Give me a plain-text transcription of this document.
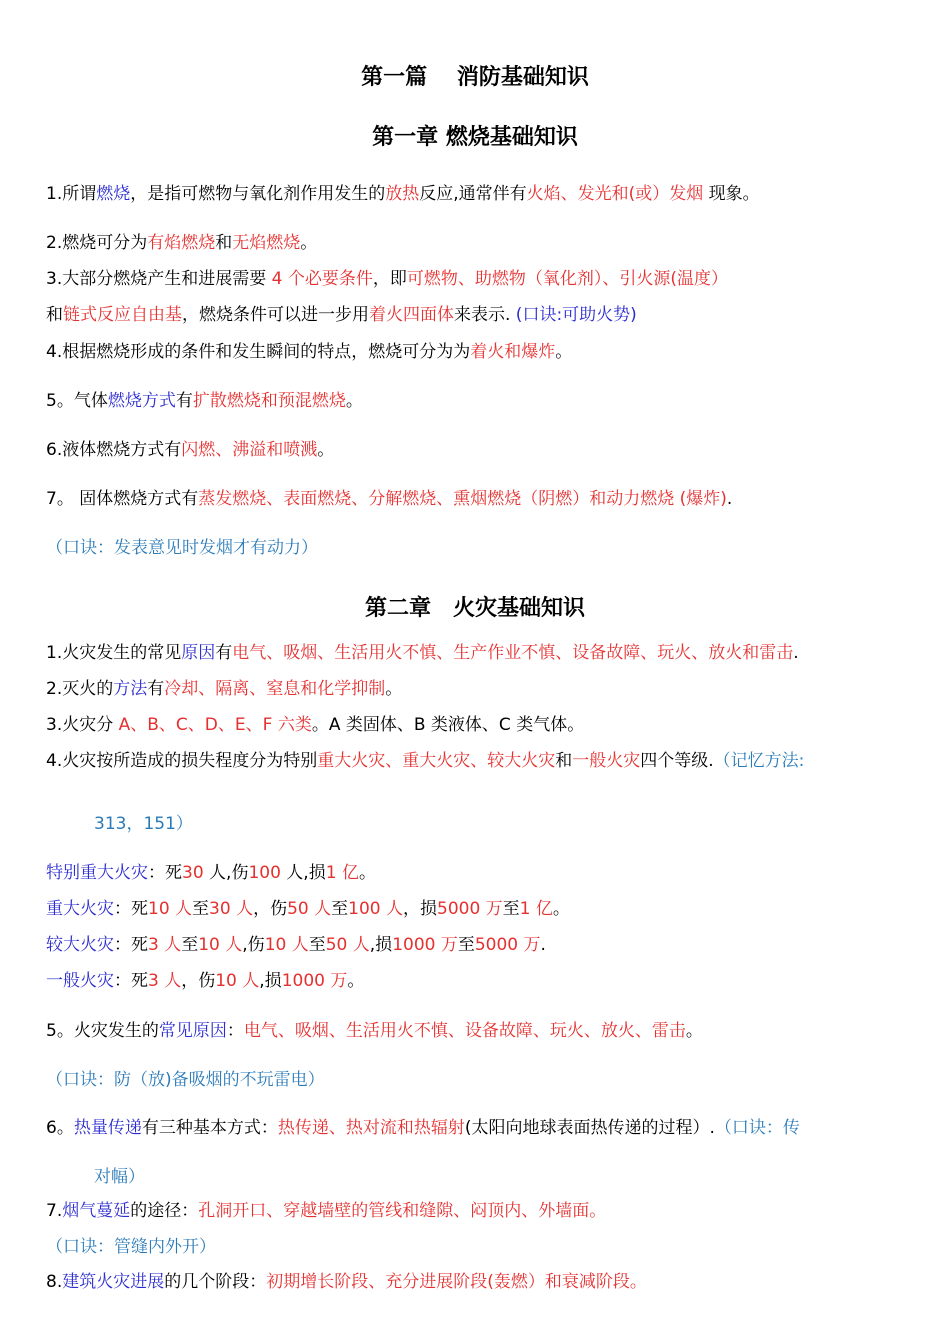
第一篇　 消防基础知识
第一章 燃烧基础知识
1.所谓燃烧，是指可燃物与氧化剂作用发生的放热反应,通常伴有火焰、发光和(或）发烟 现象。
2.燃烧可分为有焰燃烧和无焰燃烧。
3.大部分燃烧产生和进展需要 4 个必要条件，即可燃物、助燃物（氧化剂）、引火源(温度）
和链式反应自由基，燃烧条件可以进一步用着火四面体来表示. (口诀:可助火势)
4.根据燃烧形成的条件和发生瞬间的特点，燃烧可分为为着火和爆炸。
5。气体燃烧方式有扩散燃烧和预混燃烧。
6.液体燃烧方式有闪燃、沸溢和喷溅。
7。 固体燃烧方式有蒸发燃烧、表面燃烧、分解燃烧、熏烟燃烧（阴燃）和动力燃烧 (爆炸).
（口诀：发表意见时发烟才有动力）
第二章　火灾基础知识
1.火灾发生的常见原因有电气、吸烟、生活用火不慎、生产作业不慎、设备故障、玩火、放火和雷击.
2.灭火的方法有冷却、隔离、窒息和化学抑制。
3.火灾分 A、B、C、D、E、F 六类。A 类固体、B 类液体、C 类气体。
4.火灾按所造成的损失程度分为特别重大火灾、重大火灾、较大火灾和一般火灾四个等级.（记忆方法:
313，151）
特别重大火灾：死30 人,伤100 人,损1 亿。
重大火灾：死10 人至30 人，伤50 人至100 人，损5000 万至1 亿。
较大火灾：死3 人至10 人,伤10 人至50 人,损1000 万至5000 万.
一般火灾：死3 人，伤10 人,损1000 万。
5。火灾发生的常见原因：电气、吸烟、生活用火不慎、设备故障、玩火、放火、雷击。
（口诀：防（放)备吸烟的不玩雷电）
6。热量传递有三种基本方式：热传递、热对流和热辐射(太阳向地球表面热传递的过程）.（口诀：传
对幅）
7.烟气蔓延的途径：孔洞开口、穿越墙壁的管线和缝隙、闷顶内、外墙面。
（口诀：管缝内外开）
8.建筑火灾进展的几个阶段：初期增长阶段、充分进展阶段(轰燃）和衰减阶段。
